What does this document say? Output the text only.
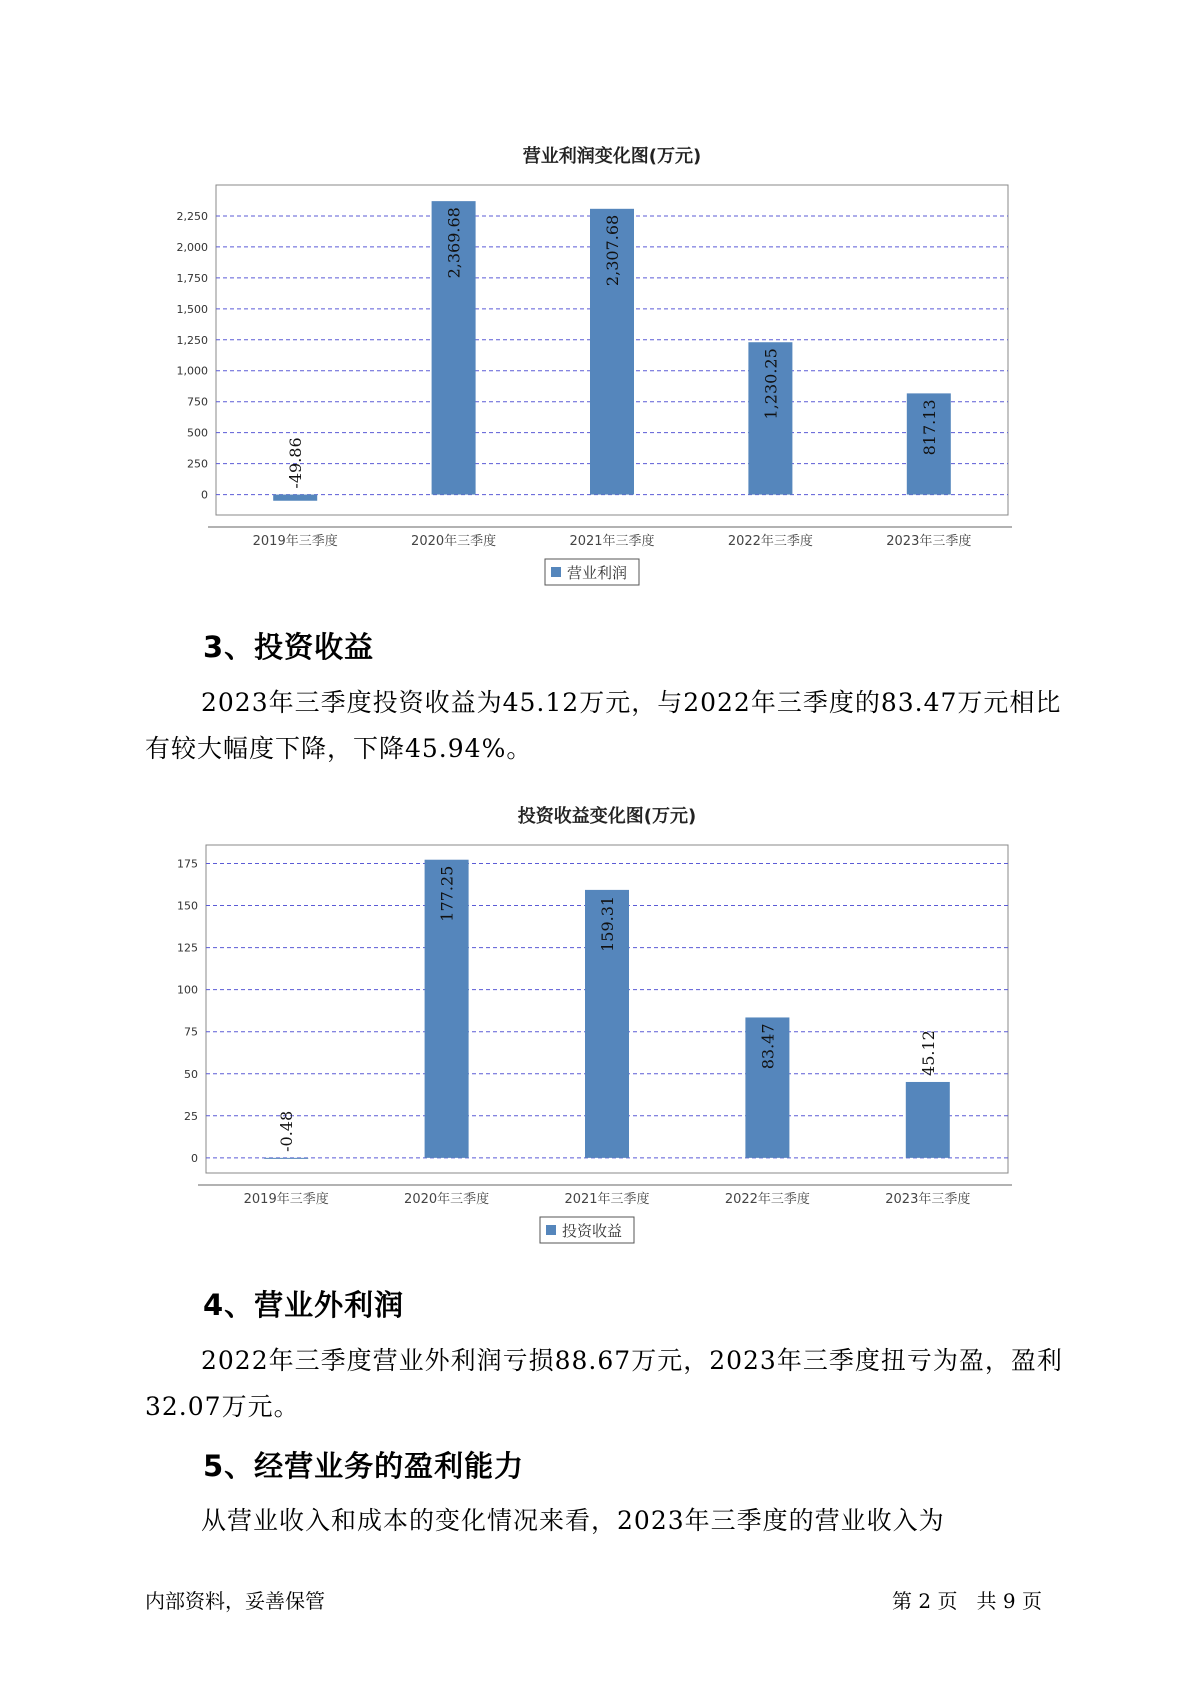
营业利润变化图(万元)
0
250
500
750
1,000
1,250
1,500
1,750
2,000
2,250
-49.86
2019年三季度
2,369.68
2020年三季度
2,307.68
2021年三季度
1,230.25
2022年三季度
817.13
2023年三季度
营业利润
3、投资收益

2023年三季度投资收益为45.12万元，与2022年三季度的83.47万元相比有较大幅度下降，下降45.94%。

投资收益变化图(万元)
0
25
50
75
100
125
150
175
-0.48
2019年三季度
177.25
2020年三季度
159.31
2021年三季度
83.47
2022年三季度
45.12
2023年三季度
投资收益
4、营业外利润

2022年三季度营业外利润亏损88.67万元，2023年三季度扭亏为盈，盈利32.07万元。

5、经营业务的盈利能力

从营业收入和成本的变化情况来看，2023年三季度的营业收入为

内部资料，妥善保管	第 2 页   共 9 页
